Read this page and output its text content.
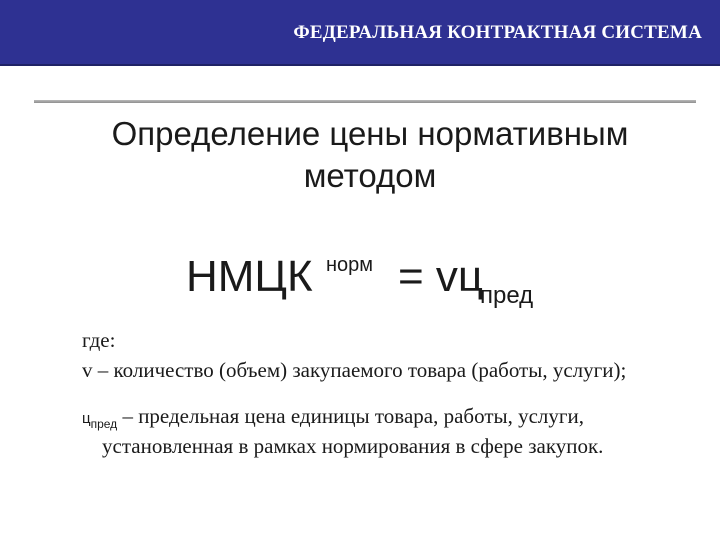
ФЕДЕРАЛЬНАЯ КОНТРАКТНАЯ СИСТЕМА
Определение цены нормативным методом
НМЦК норм = vц
пред
где:
v – количество (объем) закупаемого товара (работы, услуги);
$ц_{пред}$ – предельная цена единицы товара, работы, услуги,
установленная в рамках нормирования в сфере закупок.
